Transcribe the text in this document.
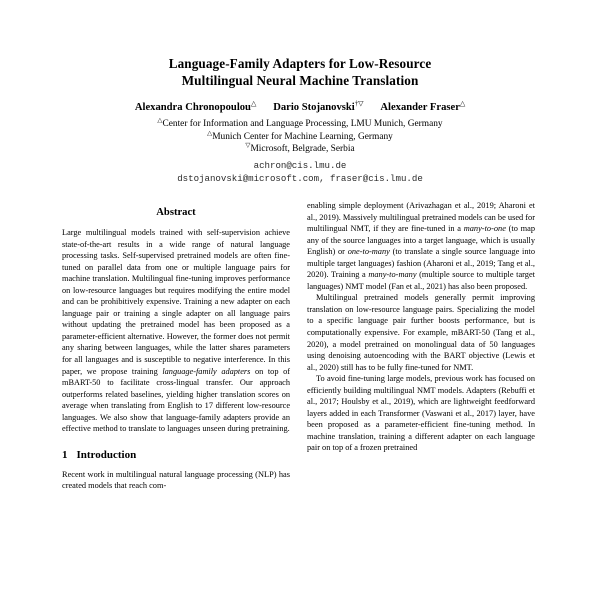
Language-Family Adapters for Low-Resource
Multilingual Neural Machine Translation
Alexandra Chronopoulou△ Dario Stojanovski†▽ Alexander Fraser△
△Center for Information and Language Processing, LMU Munich, Germany
△Munich Center for Machine Learning, Germany
▽Microsoft, Belgrade, Serbia
achron@cis.lmu.de
dstojanovski@microsoft.com, fraser@cis.lmu.de
Abstract

Large multilingual models trained with self-supervision achieve state-of-the-art results in a wide range of natural language processing tasks. Self-supervised pretrained models are often fine-tuned on parallel data from one or multiple language pairs for machine translation. Multilingual fine-tuning improves performance on low-resource languages but requires modifying the entire model and can be prohibitively expensive. Training a new adapter on each language pair or training a single adapter on all language pairs without updating the pretrained model has been proposed as a parameter-efficient alternative. However, the former does not permit any sharing between languages, while the latter shares parameters for all languages and is susceptible to negative interference. In this paper, we propose training language-family adapters on top of mBART-50 to facilitate cross-lingual transfer. Our approach outperforms related baselines, yielding higher translation scores on average when translating from English to 17 different low-resource languages. We also show that language-family adapters provide an effective method to translate to languages unseen during pretraining.

1 Introduction

Recent work in multilingual natural language processing (NLP) has created models that reach com-

enabling simple deployment (Arivazhagan et al., 2019; Aharoni et al., 2019). Massively multilingual pretrained models can be used for multilingual NMT, if they are fine-tuned in a many-to-one (to map any of the source languages into a target language, which is usually English) or one-to-many (to translate a single source language into multiple target languages) fashion (Aharoni et al., 2019; Tang et al., 2020). Training a many-to-many (multiple source to multiple target languages) NMT model (Fan et al., 2021) has also been proposed.

Multilingual pretrained models generally permit improving translation on low-resource language pairs. Specializing the model to a specific language pair further boosts performance, but is computationally expensive. For example, mBART-50 (Tang et al., 2020), a model pretrained on monolingual data of 50 languages using denoising autoencoding with the BART objective (Lewis et al., 2020) still has to be fully fine-tuned for NMT.

To avoid fine-tuning large models, previous work has focused on efficiently building multilingual NMT models. Adapters (Rebuffi et al., 2017; Houlsby et al., 2019), which are lightweight feedforward layers added in each Transformer (Vaswani et al., 2017) layer, have been proposed as a parameter-efficient fine-tuning method. In machine translation, training a different adapter on each language pair on top of a frozen pretrained
